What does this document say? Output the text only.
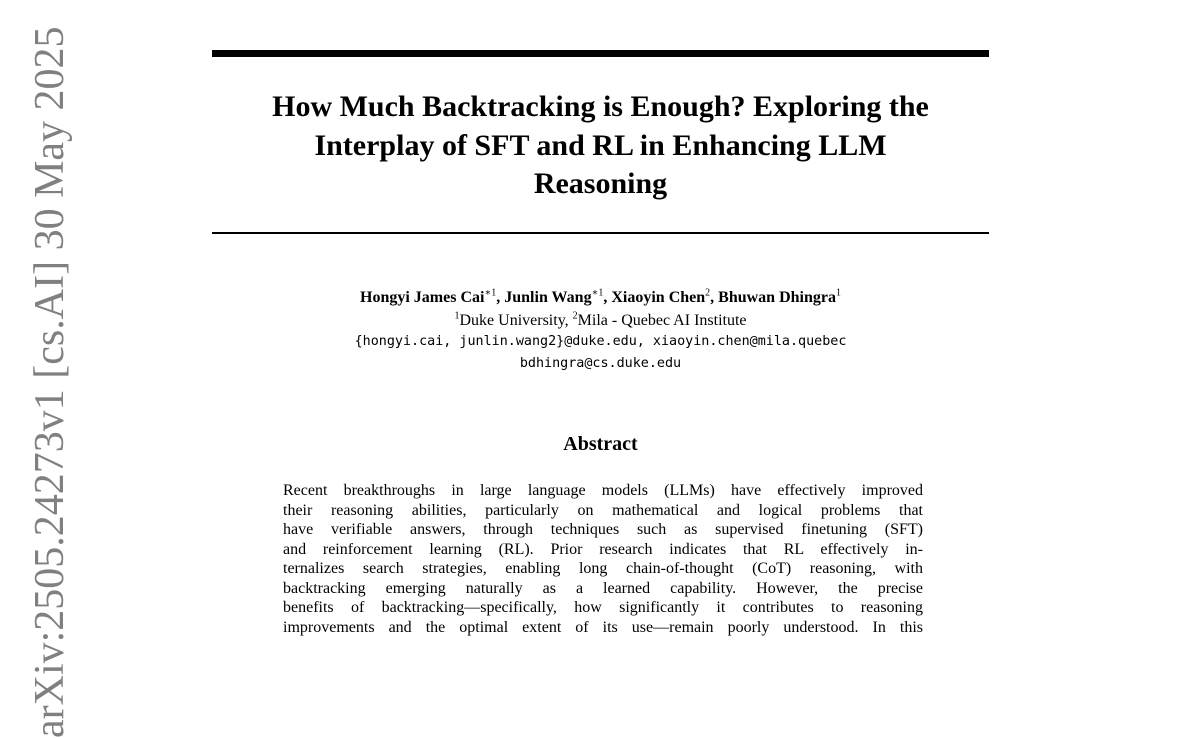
How Much Backtracking is Enough? Exploring the
Interplay of SFT and RL in Enhancing LLM
Reasoning
Hongyi James Cai$^{∗1}$, Junlin Wang$^{∗1}$, Xiaoyin Chen$^2$, Bhuwan Dhingra$^1$
$^1$Duke University, $^2$Mila - Quebec AI Institute
{hongyi.cai, junlin.wang2}@duke.edu, xiaoyin.chen@mila.quebec
bdhingra@cs.duke.edu
Abstract
Recent breakthroughs in large language models (LLMs) have effectively improved
their reasoning abilities, particularly on mathematical and logical problems that
have verifiable answers, through techniques such as supervised finetuning (SFT)
and reinforcement learning (RL). Prior research indicates that RL effectively in-
ternalizes search strategies, enabling long chain-of-thought (CoT) reasoning, with
backtracking emerging naturally as a learned capability. However, the precise
benefits of backtracking—specifically, how significantly it contributes to reasoning
improvements and the optimal extent of its use—remain poorly understood. In this
arXiv:2505.24273v1 [cs.AI] 30 May 2025
